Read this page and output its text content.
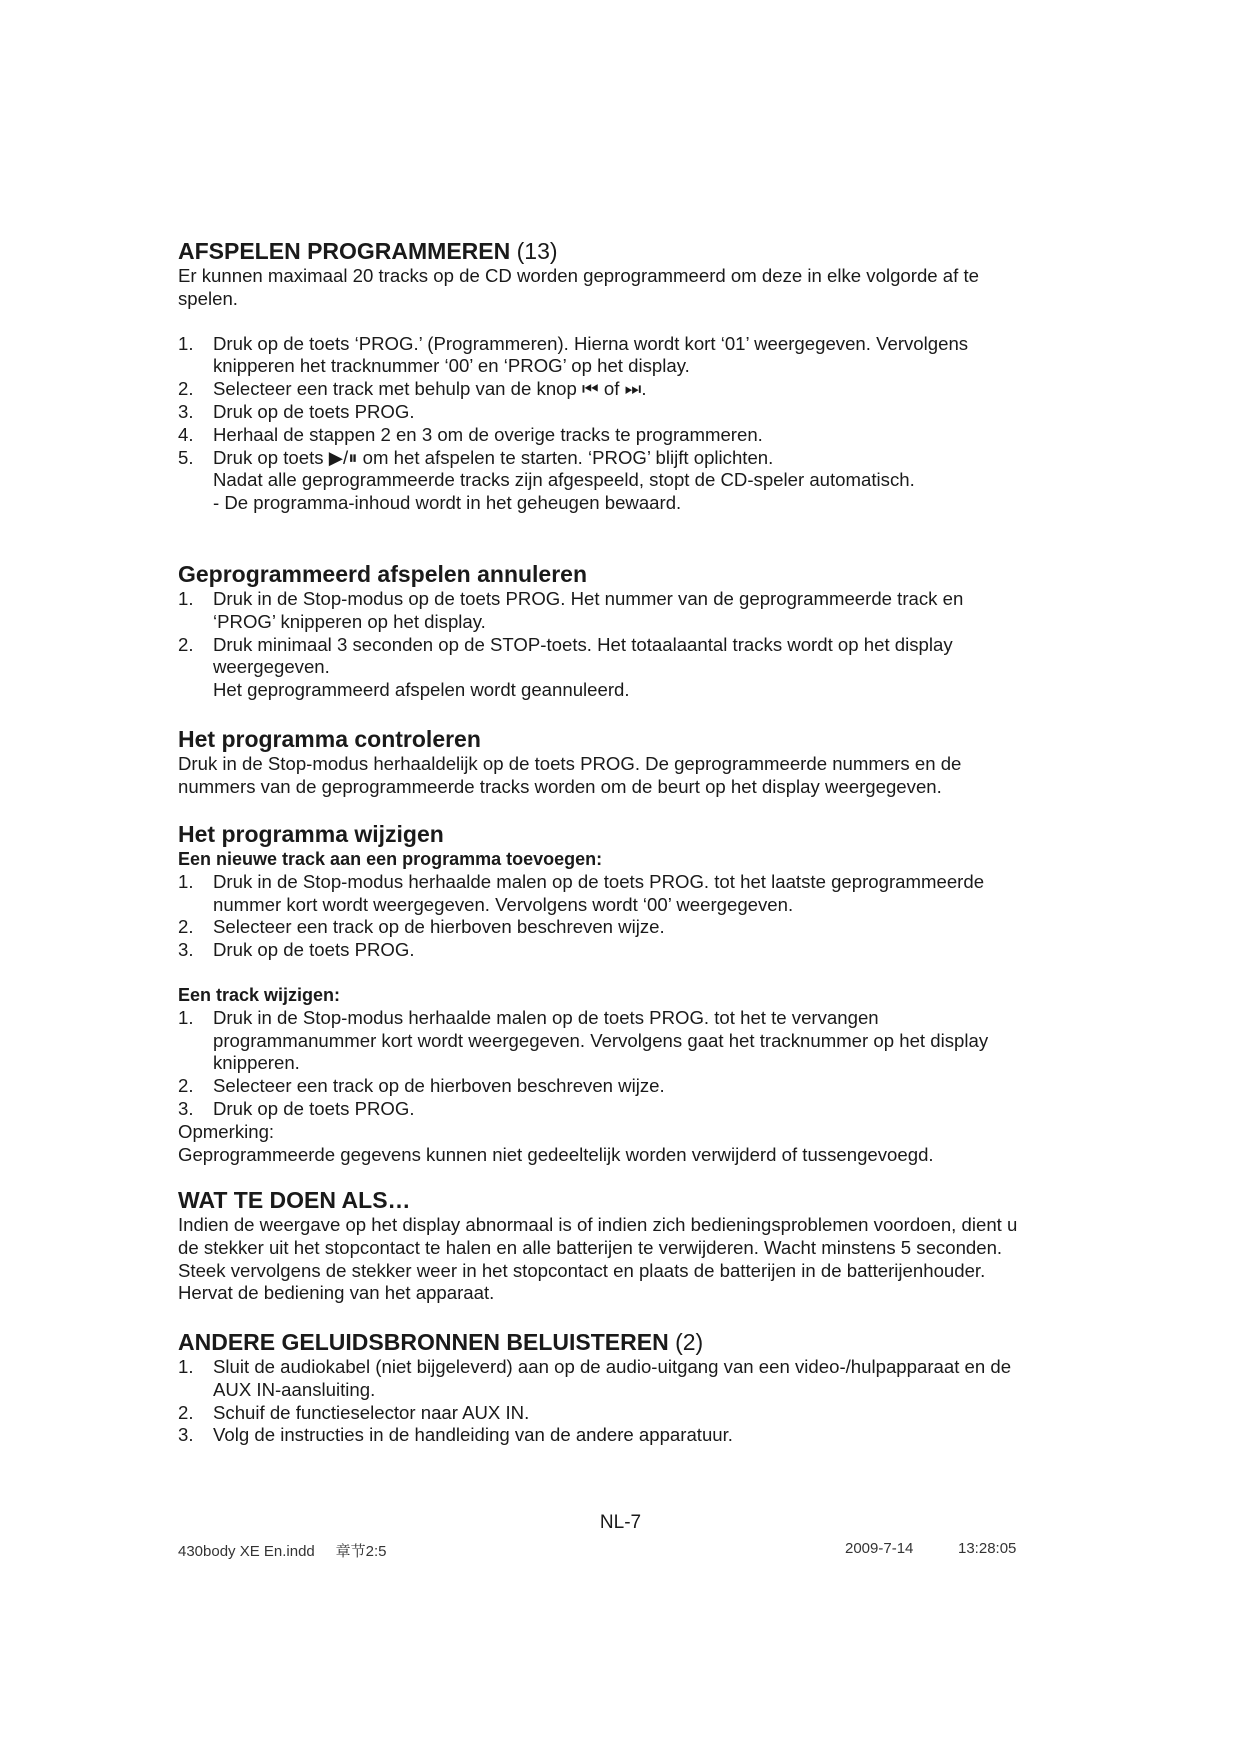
AFSPELEN PROGRAMMEREN (13)
Er kunnen maximaal 20 tracks op de CD worden geprogrammeerd om deze in elke volgorde af te
spelen.
1.	Druk op de toets ‘PROG.’ (Programmeren). Hierna wordt kort ‘01’ weergegeven. Vervolgens
knipperen het tracknummer ‘00’ en ‘PROG’ op het display.
2.	Selecteer een track met behulp van de knop ⏮ of ⏭.
3.	Druk op de toets PROG.
4.	Herhaal de stappen 2 en 3 om de overige tracks te programmeren.
5.	Druk op toets ▶/⏸ om het afspelen te starten. ‘PROG’ blijft oplichten.
Nadat alle geprogrammeerde tracks zijn afgespeeld, stopt de CD-speler automatisch.
- De programma-inhoud wordt in het geheugen bewaard.
Geprogrammeerd afspelen annuleren
1.	Druk in de Stop-modus op de toets PROG. Het nummer van de geprogrammeerde track en
‘PROG’ knipperen op het display.
2.	Druk minimaal 3 seconden op de STOP-toets. Het totaalaantal tracks wordt op het display
weergegeven.
Het geprogrammeerd afspelen wordt geannuleerd.
Het programma controleren
Druk in de Stop-modus herhaaldelijk op de toets PROG. De geprogrammeerde nummers en de
nummers van de geprogrammeerde tracks worden om de beurt op het display weergegeven.
Het programma wijzigen
Een nieuwe track aan een programma toevoegen:
1.	Druk in de Stop-modus herhaalde malen op de toets PROG. tot het laatste geprogrammeerde
nummer kort wordt weergegeven. Vervolgens wordt ‘00’ weergegeven.
2.	Selecteer een track op de hierboven beschreven wijze.
3.	Druk op de toets PROG.
Een track wijzigen:
1.	Druk in de Stop-modus herhaalde malen op de toets PROG. tot het te vervangen
programmanummer kort wordt weergegeven. Vervolgens gaat het tracknummer op het display
knipperen.
2.	Selecteer een track op de hierboven beschreven wijze.
3.	Druk op de toets PROG.
Opmerking:
Geprogrammeerde gegevens kunnen niet gedeeltelijk worden verwijderd of tussengevoegd.
WAT TE DOEN ALS…
Indien de weergave op het display abnormaal is of indien zich bedieningsproblemen voordoen, dient u
de stekker uit het stopcontact te halen en alle batterijen te verwijderen. Wacht minstens 5 seconden.
Steek vervolgens de stekker weer in het stopcontact en plaats de batterijen in de batterijenhouder.
Hervat de bediening van het apparaat.
ANDERE GELUIDSBRONNEN BELUISTEREN (2)
1.	Sluit de audiokabel (niet bijgeleverd) aan op de audio-uitgang van een video-/hulpapparaat en de
AUX IN-aansluiting.
2.	Schuif de functieselector naar AUX IN.
3.	Volg de instructies in de handleiding van de andere apparatuur.
NL-7
430body XE En.indd 章节2:5	2009-7-14	13:28:05
